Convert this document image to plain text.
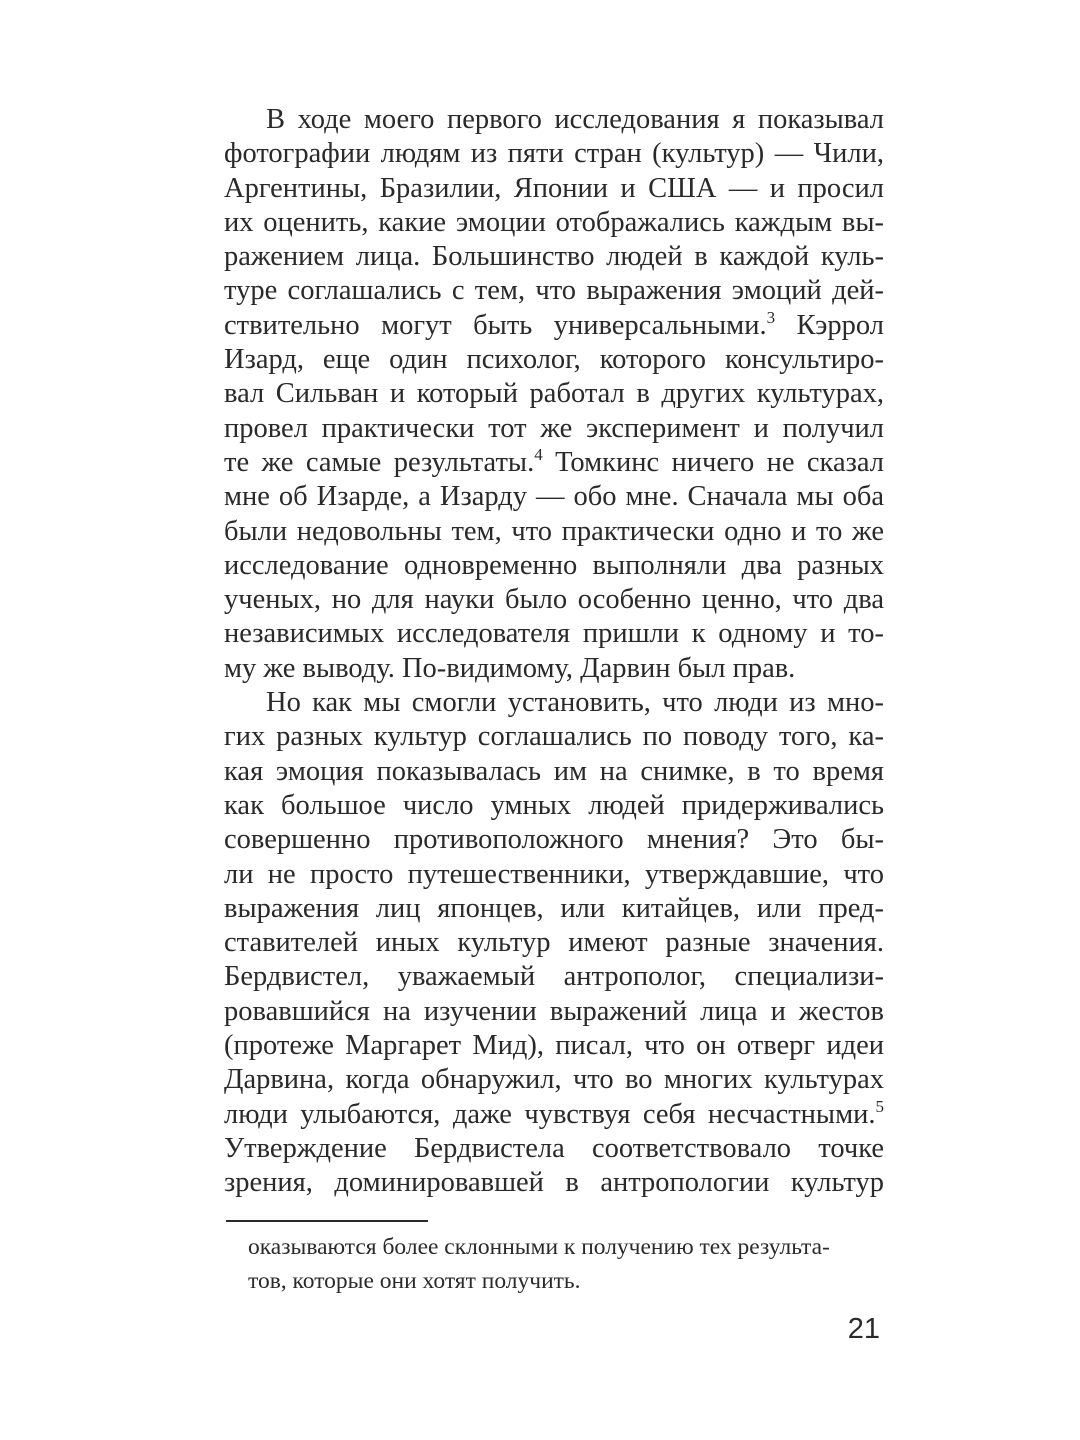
В ходе моего первого исследования я показывал
фотографии людям из пяти стран (культур) — Чили,
Аргентины, Бразилии, Японии и США — и просил
их оценить, какие эмоции отображались каждым вы-
ражением лица. Большинство людей в каждой куль-
туре соглашались с тем, что выражения эмоций дей-
ствительно могут быть универсальными.$^3$ Кэррол
Изард, еще один психолог, которого консультиро-
вал Сильван и который работал в других культурах,
провел практически тот же эксперимент и получил
те же самые результаты.$^4$ Томкинс ничего не сказал
мне об Изарде, а Изарду — обо мне. Сначала мы оба
были недовольны тем, что практически одно и то же
исследование одновременно выполняли два разных
ученых, но для науки было особенно ценно, что два
независимых исследователя пришли к одному и то-
му же выводу. По-видимому, Дарвин был прав.
Но как мы смогли установить, что люди из мно-
гих разных культур соглашались по поводу того, ка-
кая эмоция показывалась им на снимке, в то время
как большое число умных людей придерживались
совершенно противоположного мнения? Это бы-
ли не просто путешественники, утверждавшие, что
выражения лиц японцев, или китайцев, или пред-
ставителей иных культур имеют разные значения.
Бердвистел, уважаемый антрополог, специализи-
ровавшийся на изучении выражений лица и жестов
(протеже Маргарет Мид), писал, что он отверг идеи
Дарвина, когда обнаружил, что во многих культурах
люди улыбаются, даже чувствуя себя несчастными.$^5$
Утверждение Бердвистела соответствовало точке
зрения, доминировавшей в антропологии культур
оказываются более склонными к получению тех результа-
тов, которые они хотят получить.
21
